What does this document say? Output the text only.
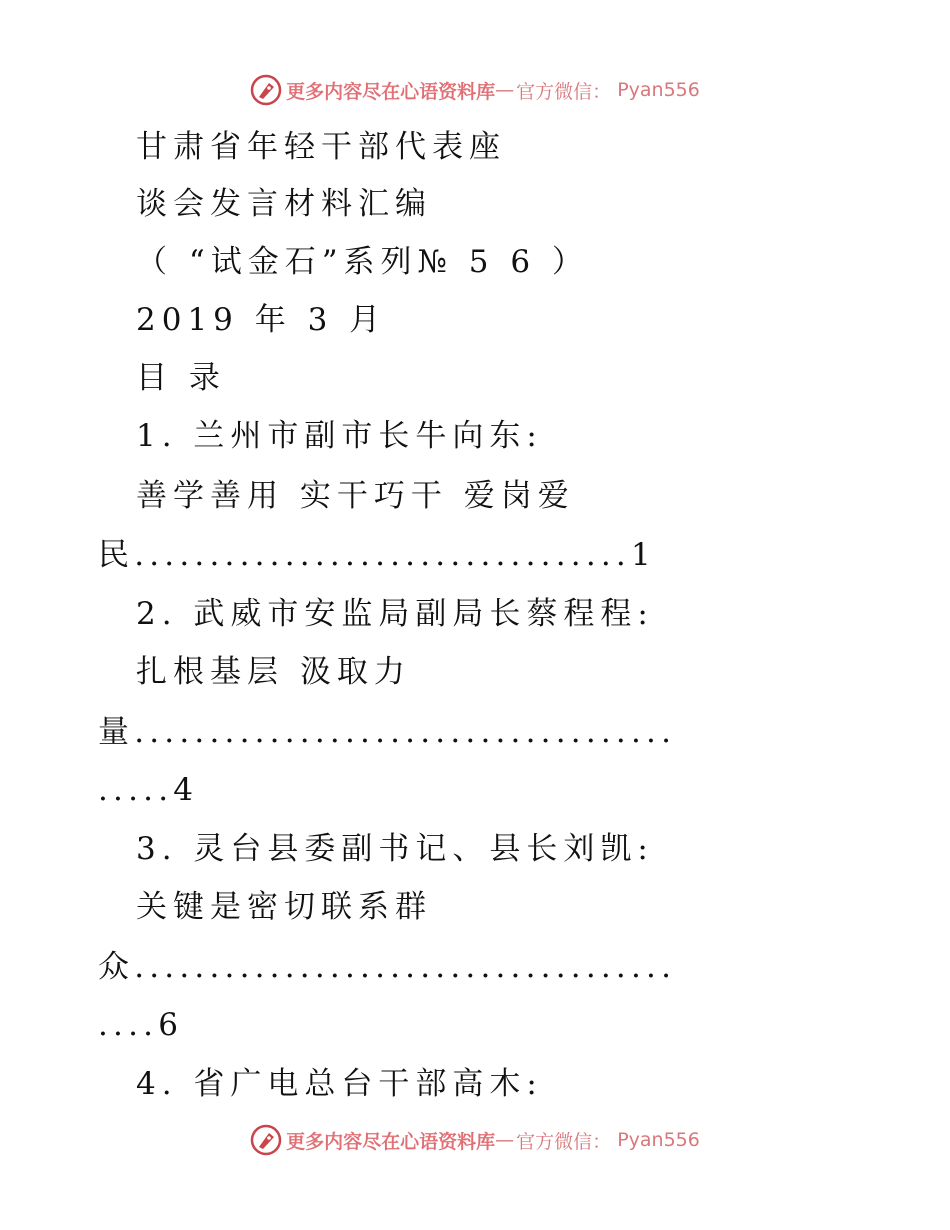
更多内容尽在心语资料库 — 官方微信： Pyan556
甘肃省年轻干部代表座
谈会发言材料汇编
（ “试金石”系列№ 5 6 ）
2019 年 3 月
目 录
1. 兰州市副市长牛向东:
善学善用 实干巧干 爱岗爱
民.................................1
2. 武威市安监局副局长蔡程程:
扎根基层 汲取力
量....................................
.....4
3. 灵台县委副书记、县长刘凯:
关键是密切联系群
众....................................
....6
4. 省广电总台干部高木:
更多内容尽在心语资料库 — 官方微信： Pyan556
